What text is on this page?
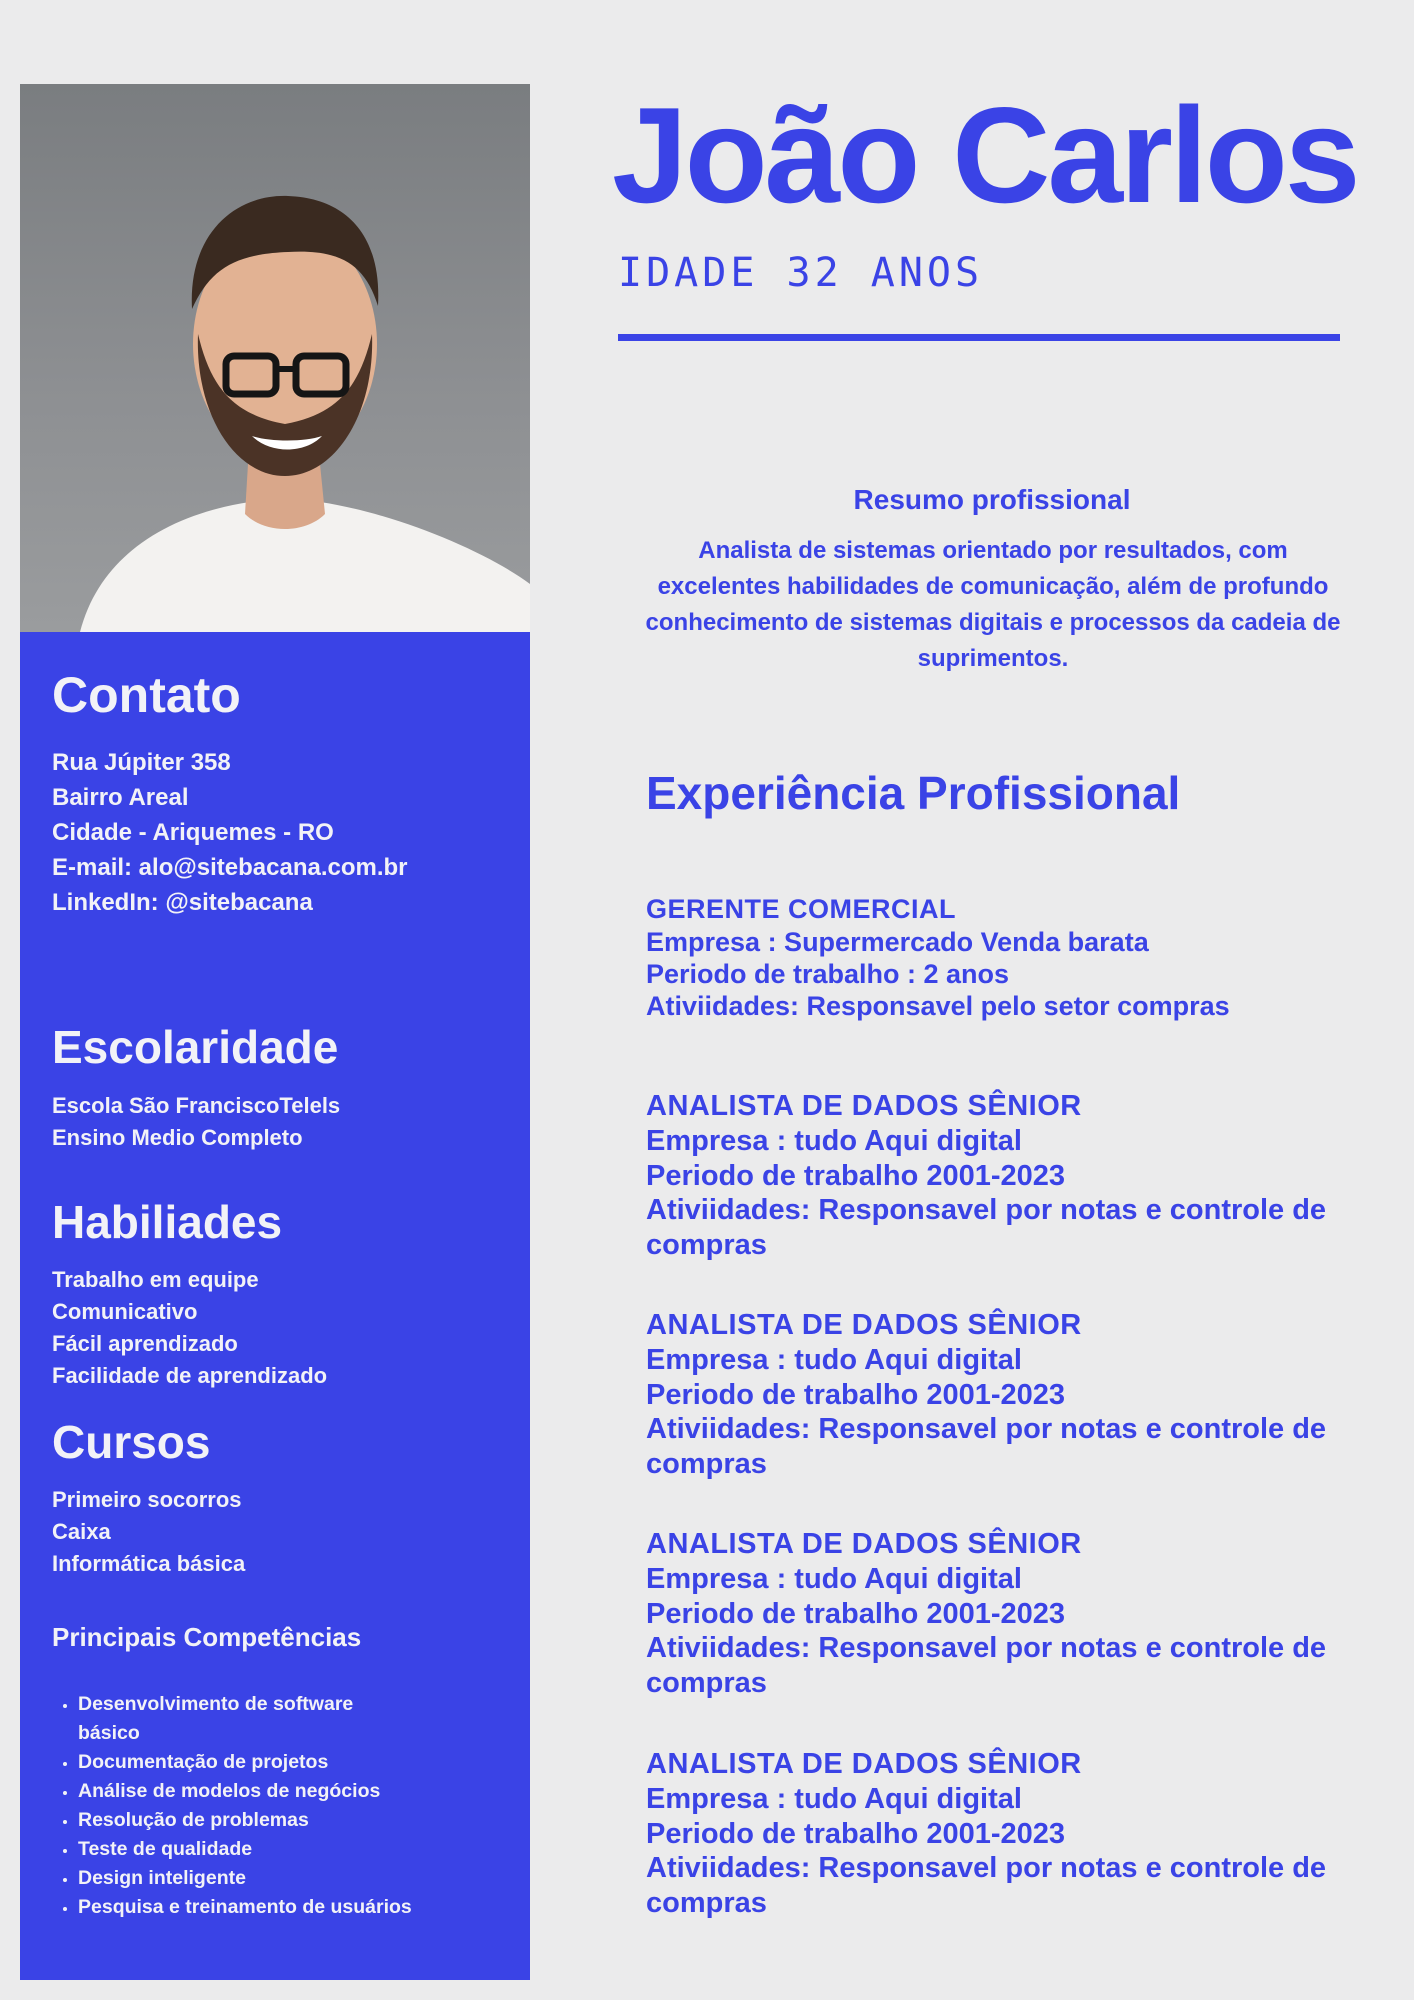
Contato
Rua Júpiter 358
Bairro Areal
Cidade - Ariquemes - RO
E-mail: alo@sitebacana.com.br
LinkedIn: @sitebacana
Escolaridade
Escola São FranciscoTelels
Ensino Medio Completo
Habiliades
Trabalho em equipe
Comunicativo
Fácil aprendizado
Facilidade de aprendizado
Cursos
Primeiro socorros
Caixa
Informática básica
Principais Competências
• Desenvolvimento de software básico
• Documentação de projetos
• Análise de modelos de negócios
• Resolução de problemas
• Teste de qualidade
• Design inteligente
• Pesquisa e treinamento de usuários
João Carlos
IDADE 32 ANOS
Resumo profissional

Analista de sistemas orientado por resultados, com excelentes habilidades de comunicação, além de profundo conhecimento de sistemas digitais e processos da cadeia de suprimentos.

Experiência Profissional
GERENTE COMERCIAL
Empresa : Supermercado Venda barata
Periodo de trabalho : 2 anos
Ativiidades: Responsavel pelo setor compras
ANALISTA DE DADOS SÊNIOR
Empresa : tudo Aqui digital
Periodo de trabalho 2001-2023
Ativiidades: Responsavel por notas e controle de compras
ANALISTA DE DADOS SÊNIOR
Empresa : tudo Aqui digital
Periodo de trabalho 2001-2023
Ativiidades: Responsavel por notas e controle de compras
ANALISTA DE DADOS SÊNIOR
Empresa : tudo Aqui digital
Periodo de trabalho 2001-2023
Ativiidades: Responsavel por notas e controle de compras
ANALISTA DE DADOS SÊNIOR
Empresa : tudo Aqui digital
Periodo de trabalho 2001-2023
Ativiidades: Responsavel por notas e controle de compras
